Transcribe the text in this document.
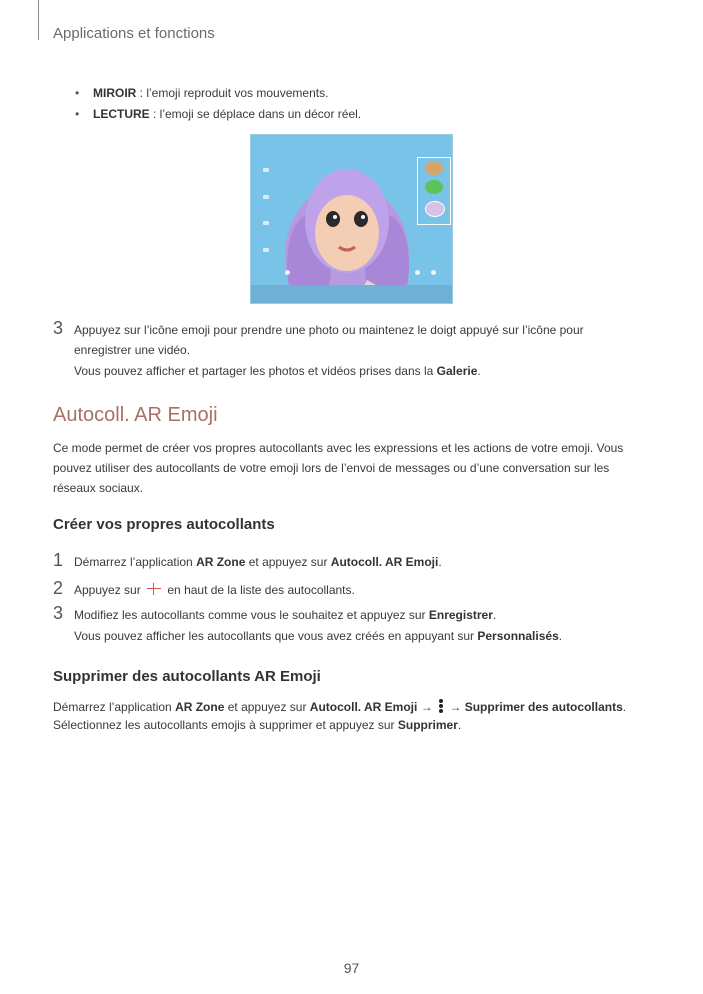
Applications et fonctions
•	MIROIR : l’emoji reproduit vos mouvements.
•	LECTURE : l’emoji se déplace dans un décor réel.
3 Appuyez sur l’icône emoji pour prendre une photo ou maintenez le doigt appuyé sur l’icône pour
enregistrer une vidéo.
Vous pouvez afficher et partager les photos et vidéos prises dans la Galerie.
Autocoll. AR Emoji
Ce mode permet de créer vos propres autocollants avec les expressions et les actions de votre emoji. Vous pouvez utiliser des autocollants de votre emoji lors de l’envoi de messages ou d’une conversation sur les réseaux sociaux.
Créer vos propres autocollants
1 Démarrez l’application AR Zone et appuyez sur Autocoll. AR Emoji.
2 Appuyez sur  en haut de la liste des autocollants.
3 Modifiez les autocollants comme vous le souhaitez et appuyez sur Enregistrer.
Vous pouvez afficher les autocollants que vous avez créés en appuyant sur Personnalisés.
Supprimer des autocollants AR Emoji
Démarrez l’application AR Zone et appuyez sur Autocoll. AR Emoji →
→ Supprimer des autocollants.
Sélectionnez les autocollants emojis à supprimer et appuyez sur Supprimer.
97
